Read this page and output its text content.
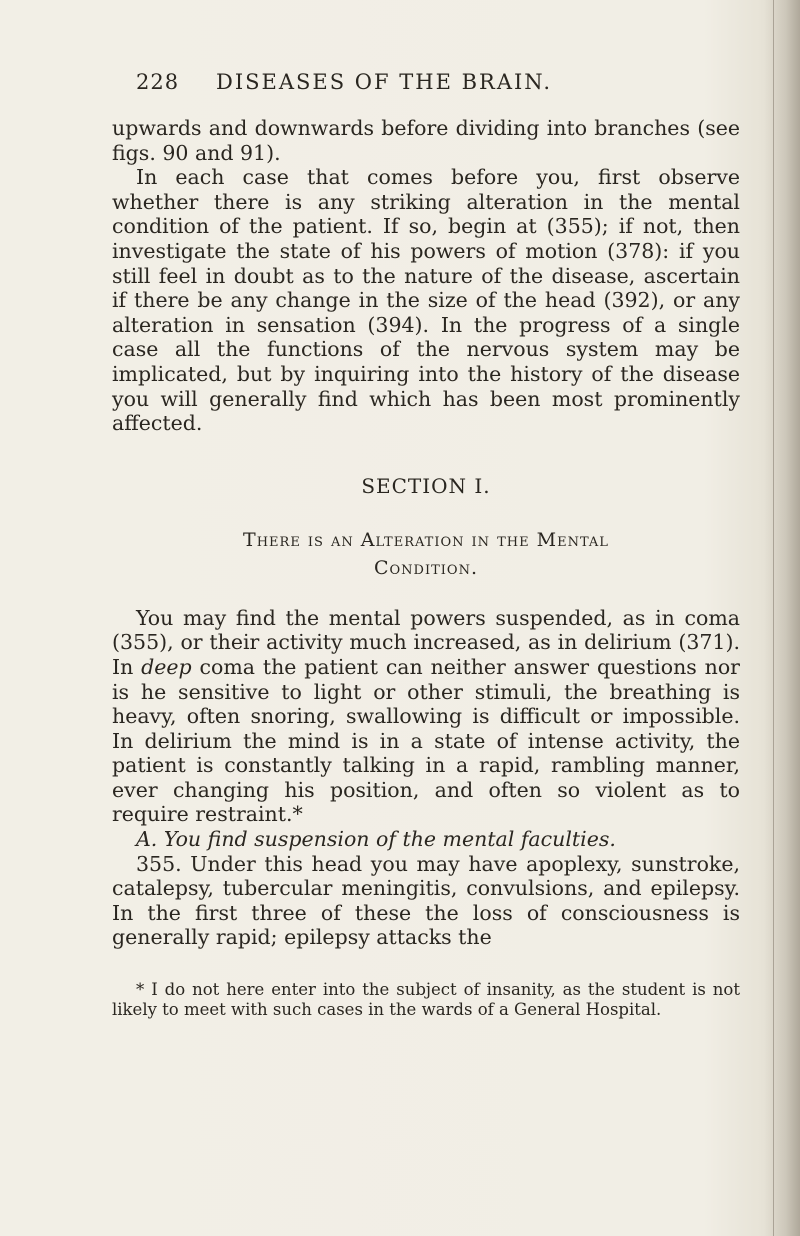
228	DISEASES OF THE BRAIN.

upwards and downwards before dividing into branches (see figs. 90 and 91).

In each case that comes before you, first observe whether there is any striking alteration in the mental condition of the patient. If so, begin at (355); if not, then investigate the state of his powers of motion (378): if you still feel in doubt as to the nature of the disease, ascertain if there be any change in the size of the head (392), or any alteration in sensation (394). In the progress of a single case all the functions of the nervous system may be implicated, but by inquiring into the history of the disease you will generally find which has been most prominently affected.

SECTION I.
There is an Alteration in the Mental
Condition.

You may find the mental powers suspended, as in coma (355), or their activity much increased, as in delirium (371). In deep coma the patient can neither answer questions nor is he sensitive to light or other stimuli, the breathing is heavy, often snoring, swallowing is difficult or impossible. In delirium the mind is in a state of intense activity, the patient is constantly talking in a rapid, rambling manner, ever changing his position, and often so violent as to require restraint.*

A. You find suspension of the mental faculties.

355. Under this head you may have apoplexy, sunstroke, catalepsy, tubercular meningitis, convulsions, and epilepsy. In the first three of these the loss of consciousness is generally rapid; epilepsy attacks the

* I do not here enter into the subject of insanity, as the student is not likely to meet with such cases in the wards of a General Hospital.
